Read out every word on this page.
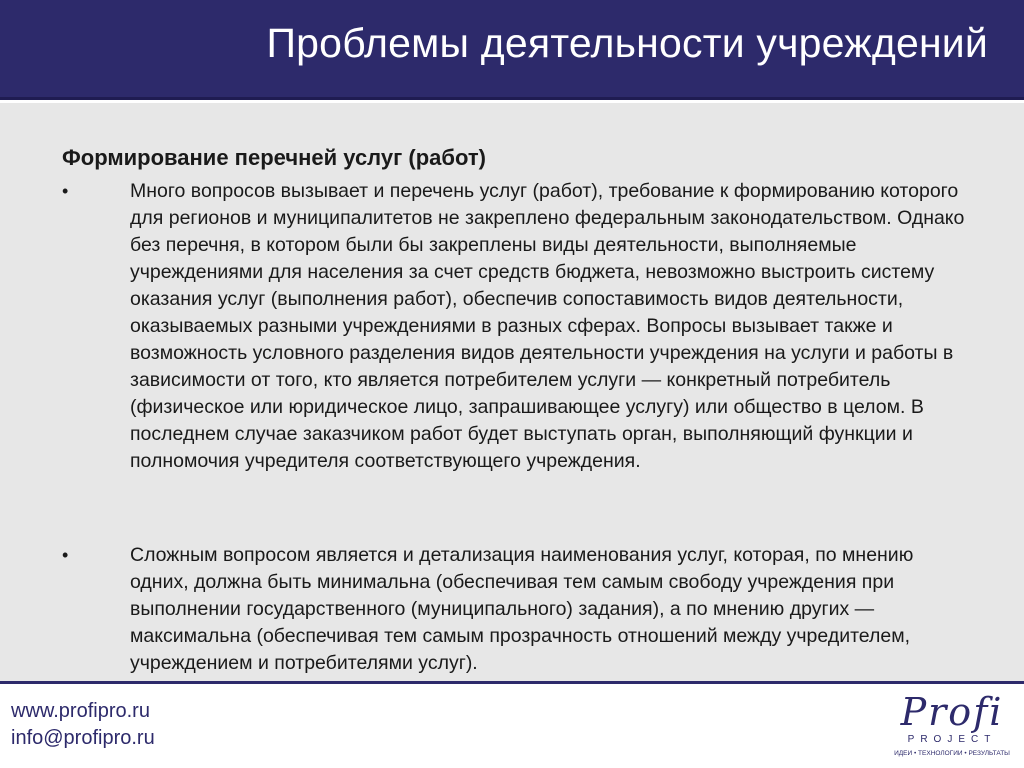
Проблемы деятельности учреждений
Формирование перечней услуг (работ)
•	Много вопросов вызывает и перечень услуг (работ), требование к формированию которого для регионов и муниципалитетов не закреплено федеральным законодательством. Однако без перечня, в котором были бы закреплены виды деятельности, выполняемые учреждениями для населения за счет средств бюджета, невозможно выстроить систему оказания услуг (выполнения работ), обеспечив сопоставимость видов деятельности, оказываемых разными учреждениями в разных сферах. Вопросы вызывает также и возможность условного разделения видов деятельности учреждения на услуги и работы в зависимости от того, кто является потребителем услуги — конкретный потребитель (физическое или юридическое лицо, запрашивающее услугу) или общество в целом. В последнем случае заказчиком работ будет выступать орган, выполняющий функции и полномочия учредителя соответствующего учреждения.
•	Сложным вопросом является и детализация наименования услуг, которая, по мнению одних, должна быть минимальна (обеспечивая тем самым свободу учреждения при выполнении государственного (муниципального) задания), а по мнению других — максимальна (обеспечивая тем самым прозрачность отношений между учредителем, учреждением и потребителями услуг).
www.profipro.ru
info@profipro.ru
Profi
PROJECT
ИДЕИ • ТЕХНОЛОГИИ • РЕЗУЛЬТАТЫ
